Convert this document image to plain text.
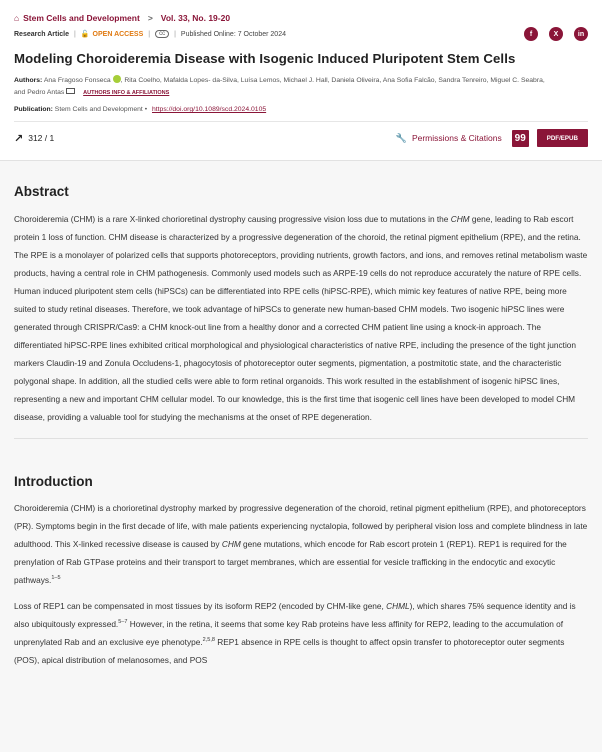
⌂ Stem Cells and Development > Vol. 33, No. 19-20
Research Article | 🔓 OPEN ACCESS |	cc	| Published Online: 7 October 2024	f	X	in
Modeling Choroideremia Disease with Isogenic Induced Pluripotent Stem Cells
Authors: Ana Fragoso Fonseca , Rita Coelho, Mafalda Lopes- da-Silva, Luísa Lemos, Michael J. Hall, Daniela Oliveira, Ana Sofia Falcão, Sandra Tenreiro, Miguel C. Seabra,
and Pedro Antas	AUTHORS INFO & AFFILIATIONS
Publication: Stem Cells and Development • https://doi.org/10.1089/scd.2024.0105
↗ 312 / 1	🔧 Permissions & Citations 99	PDF/EPUB
Abstract

Choroideremia (CHM) is a rare X-linked chorioretinal dystrophy causing progressive vision loss due to mutations in the CHM gene, leading to Rab escort protein 1 loss of function. CHM disease is characterized by a progressive degeneration of the choroid, the retinal pigment epithelium (RPE), and the retina. The RPE is a monolayer of polarized cells that supports photoreceptors, providing nutrients, growth factors, and ions, and removes retinal metabolism waste products, having a central role in CHM pathogenesis. Commonly used models such as ARPE-19 cells do not reproduce accurately the nature of RPE cells. Human induced pluripotent stem cells (hiPSCs) can be differentiated into RPE cells (hiPSC-RPE), which mimic key features of native RPE, being more suited to study retinal diseases. Therefore, we took advantage of hiPSCs to generate new human-based CHM models. Two isogenic hiPSC lines were generated through CRISPR/Cas9: a CHM knock-out line from a healthy donor and a corrected CHM patient line using a knock-in approach. The differentiated hiPSC-RPE lines exhibited critical morphological and physiological characteristics of native RPE, including the presence of the tight junction markers Claudin-19 and Zonula Occludens-1, phagocytosis of photoreceptor outer segments, pigmentation, a postmitotic state, and the characteristic polygonal shape. In addition, all the studied cells were able to form retinal organoids. This work resulted in the establishment of isogenic hiPSC lines, representing a new and important CHM cellular model. To our knowledge, this is the first time that isogenic cell lines have been developed to model CHM disease, providing a valuable tool for studying the mechanisms at the onset of RPE degeneration.

Introduction

Choroideremia (CHM) is a chorioretinal dystrophy marked by progressive degeneration of the choroid, retinal pigment epithelium (RPE), and photoreceptors (PR). Symptoms begin in the first decade of life, with male patients experiencing nyctalopia, followed by peripheral vision loss and complete blindness in late adulthood. This X-linked recessive disease is caused by CHM gene mutations, which encode for Rab escort protein 1 (REP1). REP1 is required for the prenylation of Rab GTPase proteins and their transport to target membranes, which are essential for vesicle trafficking in the endocytic and exocytic pathways.$^{1-5}$

Loss of REP1 can be compensated in most tissues by its isoform REP2 (encoded by CHM-like gene, CHML), which shares 75% sequence identity and is also ubiquitously expressed.$^{5-7}$ However, in the retina, it seems that some key Rab proteins have less affinity for REP2, leading to the accumulation of unprenylated Rab and an exclusive eye phenotype.$^{2,5,8}$ REP1 absence in RPE cells is thought to affect opsin transfer to photoreceptor outer segments (POS), apical distribution of melanosomes, and POS
